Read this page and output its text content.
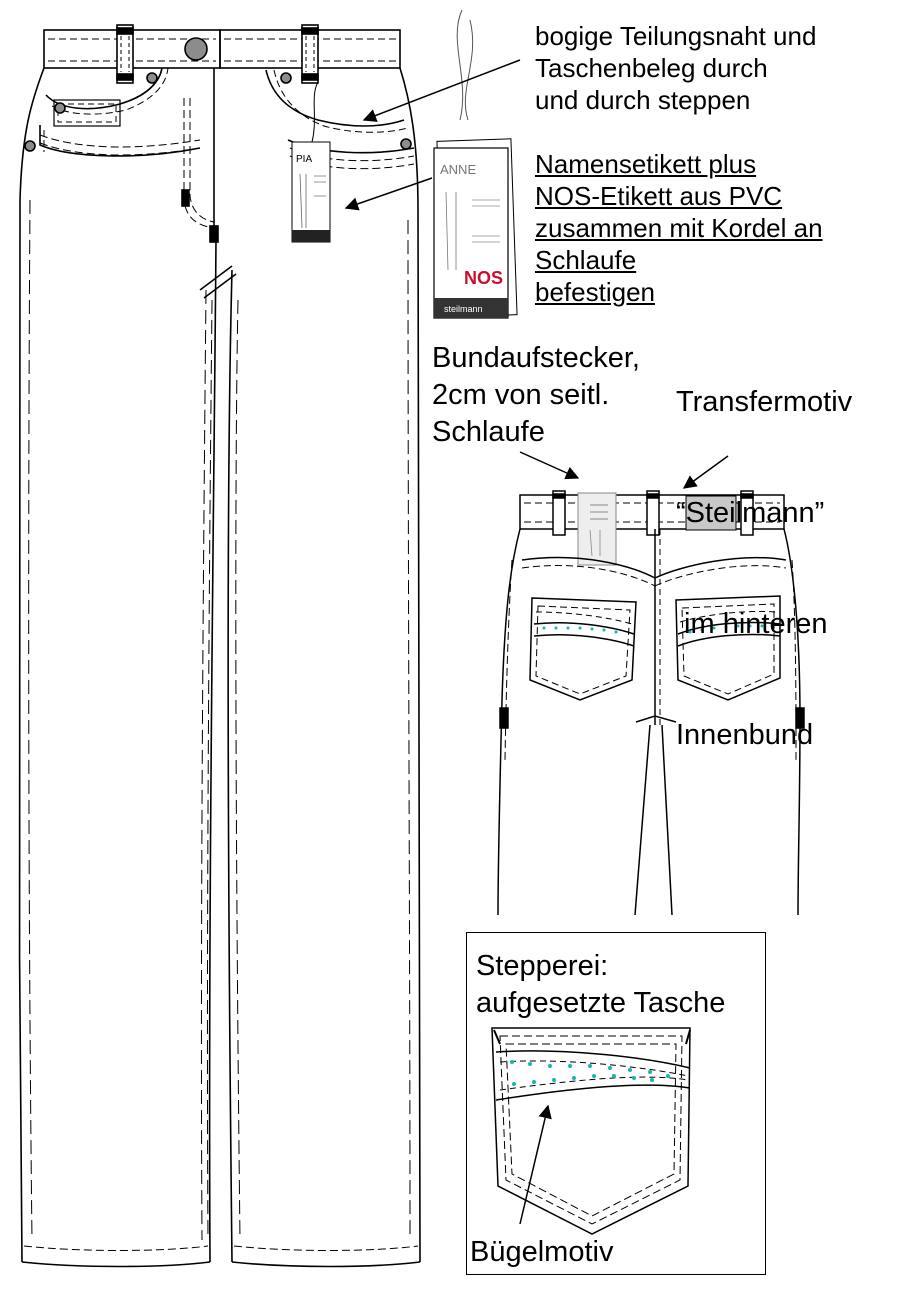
PIA
ANNE
NOS
steilmann
bogige Teilungsnaht und
Taschenbeleg durch
und durch steppen
Namensetikett plus
NOS-Etikett aus PVC
zusammen mit Kordel an
Schlaufe
befestigen

Transfermotiv

“Steilmann”

im hinteren

Innenbund

Bundaufstecker,
2cm von seitl.
Schlaufe
Stepperei:
aufgesetzte Tasche
Bügelmotiv
